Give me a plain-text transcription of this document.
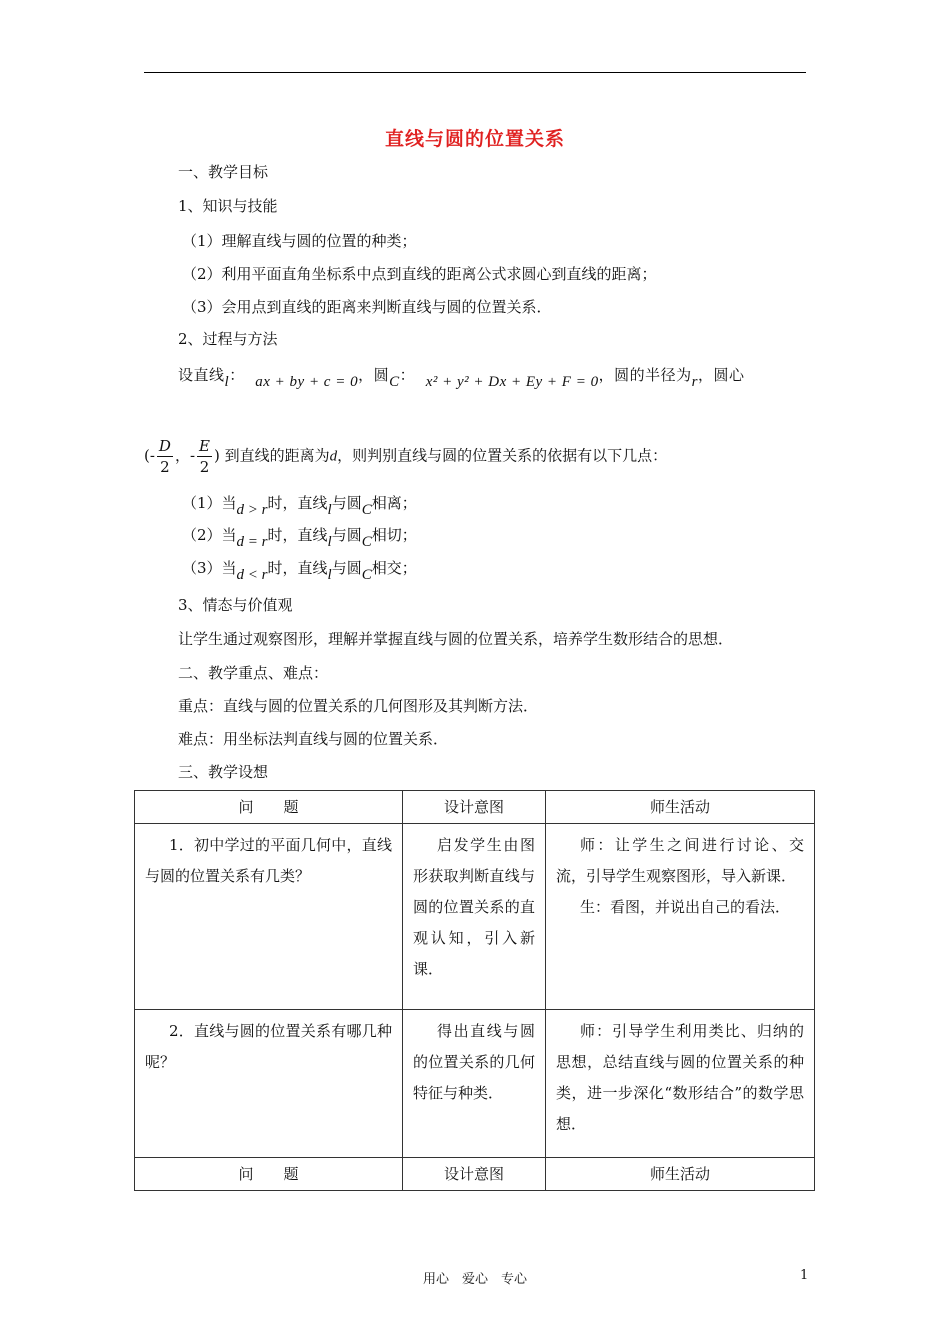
直线与圆的位置关系
一、教学目标
1、知识与技能
（1）理解直线与圆的位置的种类；
（2）利用平面直角坐标系中点到直线的距离公式求圆心到直线的距离；
（3）会用点到直线的距离来判断直线与圆的位置关系．
2、过程与方法
设直线l： ax + by + c = 0，圆C： x² + y² + Dx + Ey + F = 0，圆的半径为r，圆心
(- $\frac{D}{2}$ ，- $\frac{E}{2}$ ) 到直线的距离为d，则判别直线与圆的位置关系的依据有以下几点：
（1）当d > r时，直线l与圆C相离；
（2）当d = r时，直线l与圆C相切；
（3）当d < r时，直线l与圆C相交；
3、情态与价值观
让学生通过观察图形，理解并掌握直线与圆的位置关系，培养学生数形结合的思想．
二、教学重点、难点：
重点：直线与圆的位置关系的几何图形及其判断方法．
难点：用坐标法判直线与圆的位置关系．
三、教学设想
问　　题	设计意图	师生活动
1．初中学过的平面几何中，直线与圆的位置关系有几类？	启发学生由图形获取判断直线与圆的位置关系的直观认知，引入新课．	师：让学生之间进行讨论、交流，引导学生观察图形，导入新课．
生：看图，并说出自己的看法．

2．直线与圆的位置关系有哪几种呢？	得出直线与圆的位置关系的几何特征与种类．	师：引导学生利用类比、归纳的思想，总结直线与圆的位置关系的种类，进一步深化“数形结合”的数学思想．

问　　题	设计意图	师生活动
用心　爱心　专心	1
